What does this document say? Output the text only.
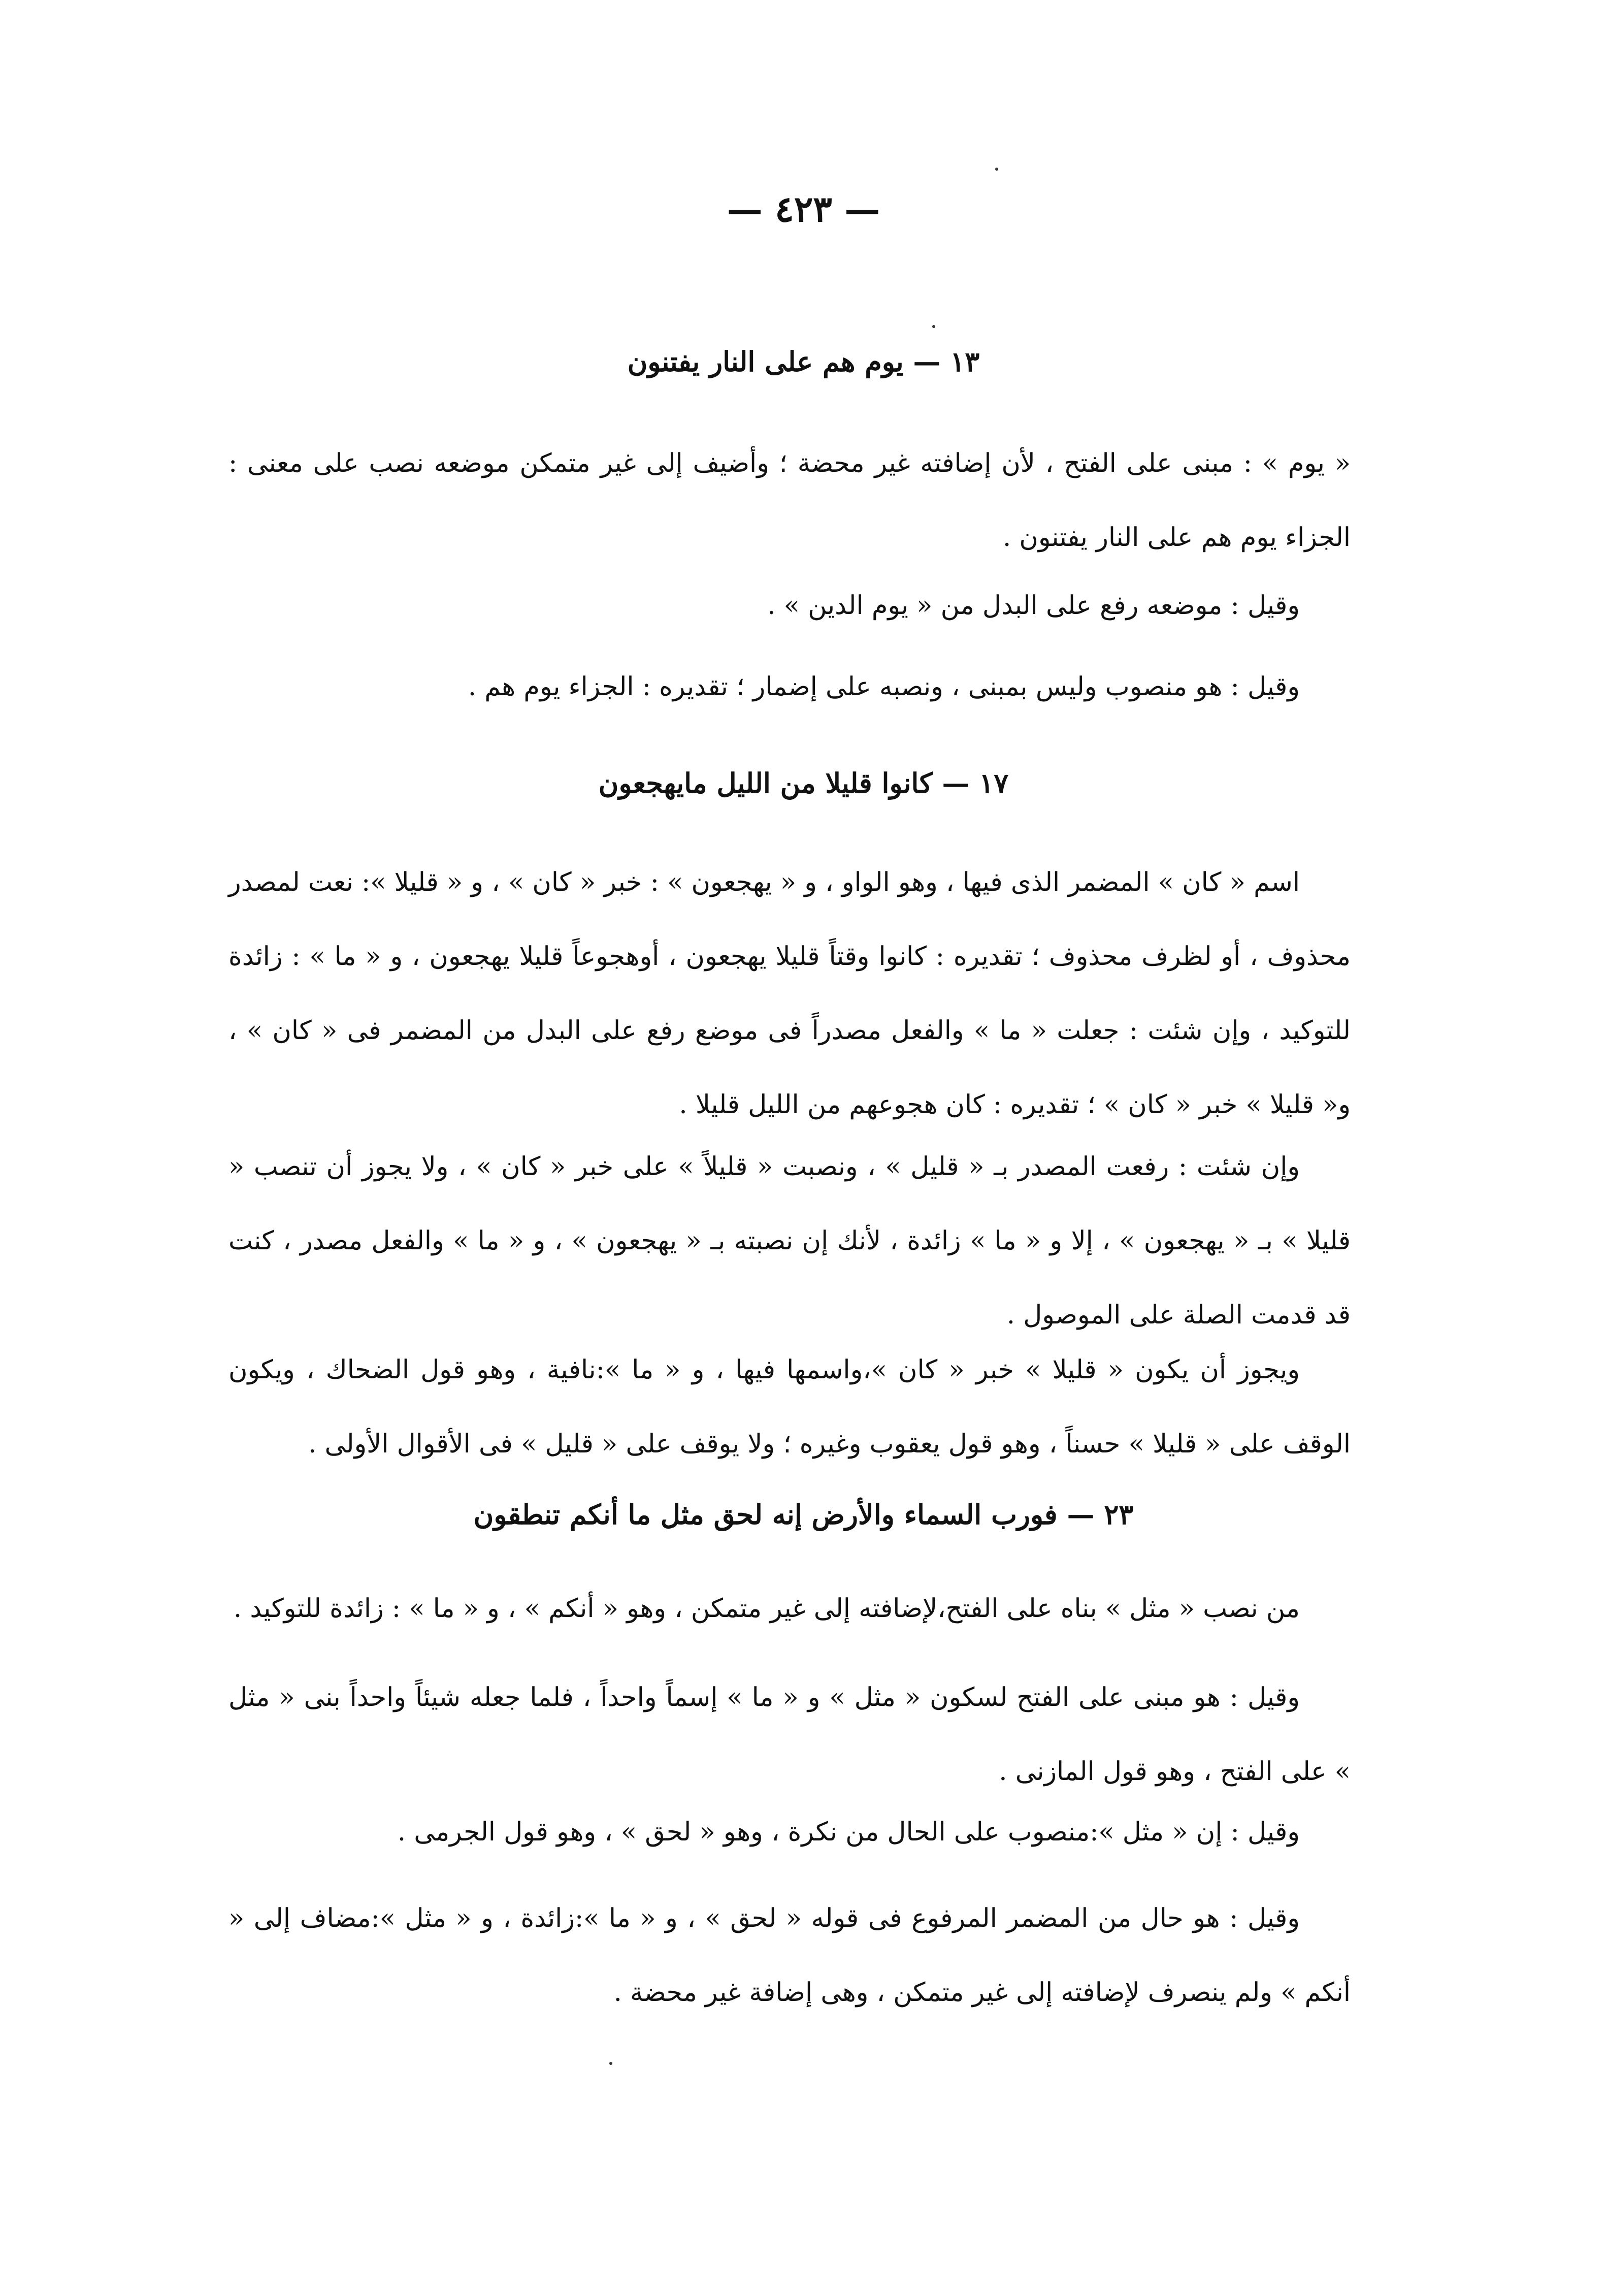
— ٤٢٣ —
١٣ — يوم هم على النار يفتنون
« يوم » : مبنى على الفتح ، لأن إضافته غير محضة ؛ وأضيف إلى غير متمكن موضعه نصب على معنى : الجزاء يوم هم على النار يفتنون .
وقيل : موضعه رفع على البدل من « يوم الدين » .
وقيل : هو منصوب وليس بمبنى ، ونصبه على إضمار ؛ تقديره : الجزاء يوم هم .
١٧ — كانوا قليلا من الليل مايهجعون
اسم « كان » المضمر الذى فيها ، وهو الواو ، و « يهجعون » : خبر « كان » ، و « قليلا »: نعت لمصدر محذوف ، أو لظرف محذوف ؛ تقديره : كانوا وقتاً قليلا يهجعون ، أوهجوعاً قليلا يهجعون ، و « ما » : زائدة للتوكيد ، وإن شئت : جعلت « ما » والفعل مصدراً فى موضع رفع على البدل من المضمر فى « كان » ، و« قليلا » خبر « كان » ؛ تقديره : كان هجوعهم من الليل قليلا .
وإن شئت : رفعت المصدر بـ « قليل » ، ونصبت « قليلاً » على خبر « كان » ، ولا يجوز أن تنصب « قليلا » بـ « يهجعون » ، إلا و « ما » زائدة ، لأنك إن نصبته بـ « يهجعون » ، و « ما » والفعل مصدر ، كنت قد قدمت الصلة على الموصول .
ويجوز أن يكون « قليلا » خبر « كان »،واسمها فيها ، و « ما »:نافية ، وهو قول الضحاك ، ويكون الوقف على « قليلا » حسناً ، وهو قول يعقوب وغيره ؛ ولا يوقف على « قليل » فى الأقوال الأولى .
٢٣ — فورب السماء والأرض إنه لحق مثل ما أنكم تنطقون
من نصب « مثل » بناه على الفتح،لإضافته إلى غير متمكن ، وهو « أنكم » ، و « ما » : زائدة للتوكيد .
وقيل : هو مبنى على الفتح لسكون « مثل » و « ما » إسماً واحداً ، فلما جعله شيئاً واحداً بنى « مثل » على الفتح ، وهو قول المازنى .
وقيل : إن « مثل »:منصوب على الحال من نكرة ، وهو « لحق » ، وهو قول الجرمى .
وقيل : هو حال من المضمر المرفوع فى قوله « لحق » ، و « ما »:زائدة ، و « مثل »:مضاف إلى « أنكم » ولم ينصرف لإضافته إلى غير متمكن ، وهى إضافة غير محضة .
